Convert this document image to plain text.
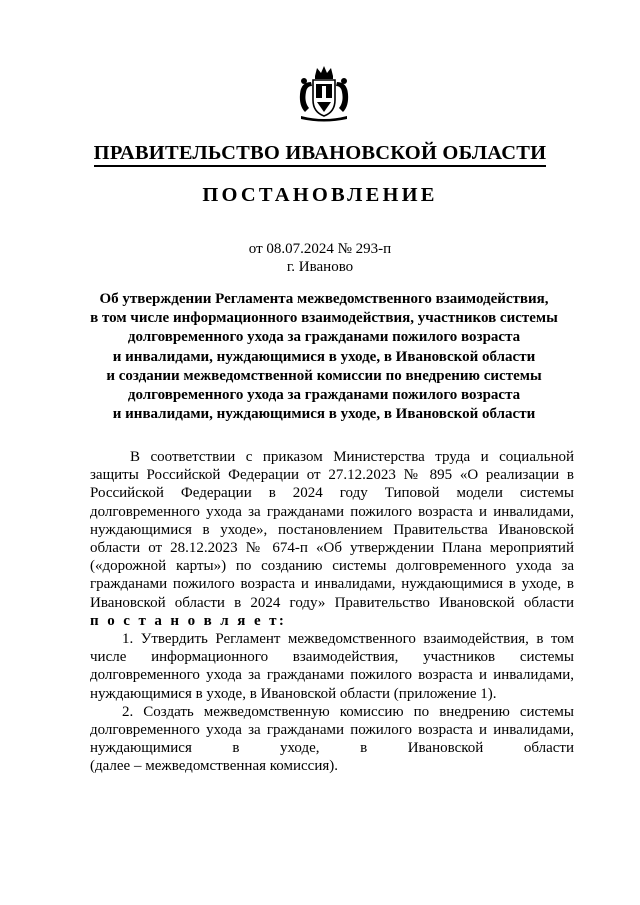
ПРАВИТЕЛЬСТВО ИВАНОВСКОЙ ОБЛАСТИ
ПОСТАНОВЛЕНИЕ
от 08.07.2024 № 293-п
г. Иваново
Об утверждении Регламента межведомственного взаимодействия,
в том числе информационного взаимодействия, участников системы
долговременного ухода за гражданами пожилого возраста
и инвалидами, нуждающимися в уходе, в Ивановской области
и создании межведомственной комиссии по внедрению системы
долговременного ухода за гражданами пожилого возраста
и инвалидами, нуждающимися в уходе, в Ивановской области
В соответствии с приказом Министерства труда и социальной
защиты Российской Федерации от 27.12.2023 № 895 «О реализации в
Российской Федерации в 2024 году Типовой модели системы
долговременного ухода за гражданами пожилого возраста и инвалидами,
нуждающимися в уходе», постановлением Правительства Ивановской
области от 28.12.2023 № 674-п «Об утверждении Плана мероприятий
(«дорожной карты») по созданию системы долговременного ухода за
гражданами пожилого возраста и инвалидами, нуждающимися в уходе, в
Ивановской области в 2024 году» Правительство Ивановской области
п о с т а н о в л я е т:
1. Утвердить Регламент межведомственного взаимодействия, в том
числе информационного взаимодействия, участников системы
долговременного ухода за гражданами пожилого возраста и инвалидами,
нуждающимися в уходе, в Ивановской области (приложение 1).
2. Создать межведомственную комиссию по внедрению системы
долговременного ухода за гражданами пожилого возраста и инвалидами,
нуждающимися в уходе, в Ивановской области
(далее – межведомственная комиссия).
